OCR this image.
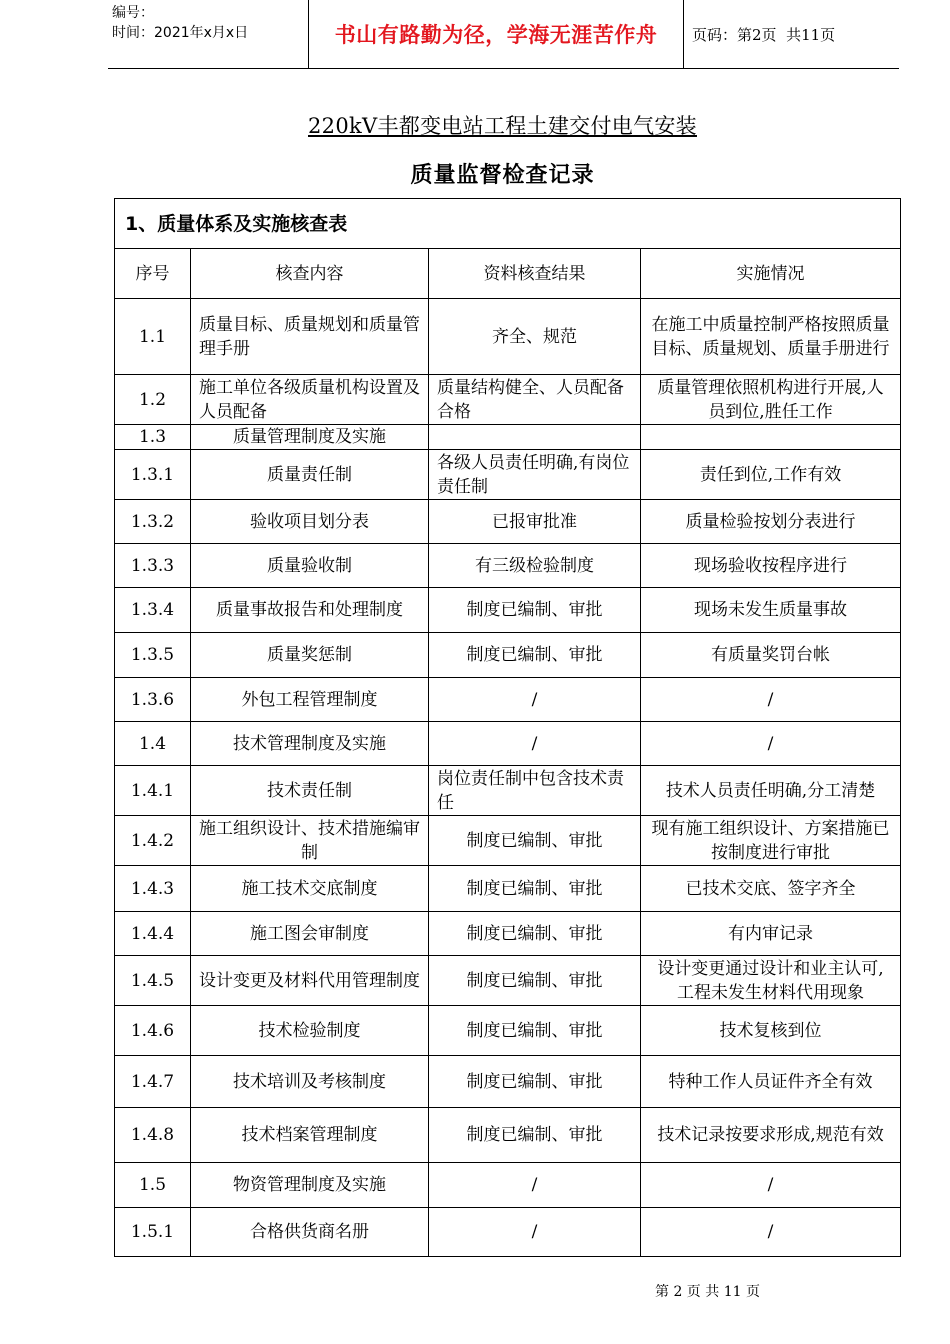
编号：
时间：2021年x月x日	书山有路勤为径，学海无涯苦作舟	页码：第2页  共11页
220kV丰都变电站工程土建交付电气安装
质量监督检查记录
1、质量体系及实施核查表			
序号	核查内容	资料核查结果	实施情况
1.1	质量目标、质量规划和质量管理手册	齐全、规范	在施工中质量控制严格按照质量目标、质量规划、质量手册进行
1.2	施工单位各级质量机构设置及人员配备	质量结构健全、人员配备合格	质量管理依照机构进行开展,人员到位,胜任工作
1.3	质量管理制度及实施		
1.3.1	质量责任制	各级人员责任明确,有岗位责任制	责任到位,工作有效
1.3.2	验收项目划分表	已报审批准	质量检验按划分表进行
1.3.3	质量验收制	有三级检验制度	现场验收按程序进行
1.3.4	质量事故报告和处理制度	制度已编制、审批	现场未发生质量事故
1.3.5	质量奖惩制	制度已编制、审批	有质量奖罚台帐
1.3.6	外包工程管理制度	/	/
1.4	技术管理制度及实施	/	/
1.4.1	技术责任制	岗位责任制中包含技术责任	技术人员责任明确,分工清楚
1.4.2	施工组织设计、技术措施编审制	制度已编制、审批	现有施工组织设计、方案措施已按制度进行审批
1.4.3	施工技术交底制度	制度已编制、审批	已技术交底、签字齐全
1.4.4	施工图会审制度	制度已编制、审批	有内审记录
1.4.5	设计变更及材料代用管理制度	制度已编制、审批	设计变更通过设计和业主认可,工程未发生材料代用现象
1.4.6	技术检验制度	制度已编制、审批	技术复核到位
1.4.7	技术培训及考核制度	制度已编制、审批	特种工作人员证件齐全有效
1.4.8	技术档案管理制度	制度已编制、审批	技术记录按要求形成,规范有效
1.5	物资管理制度及实施	/	/
1.5.1	合格供货商名册	/	/
第 2 页 共 11 页
